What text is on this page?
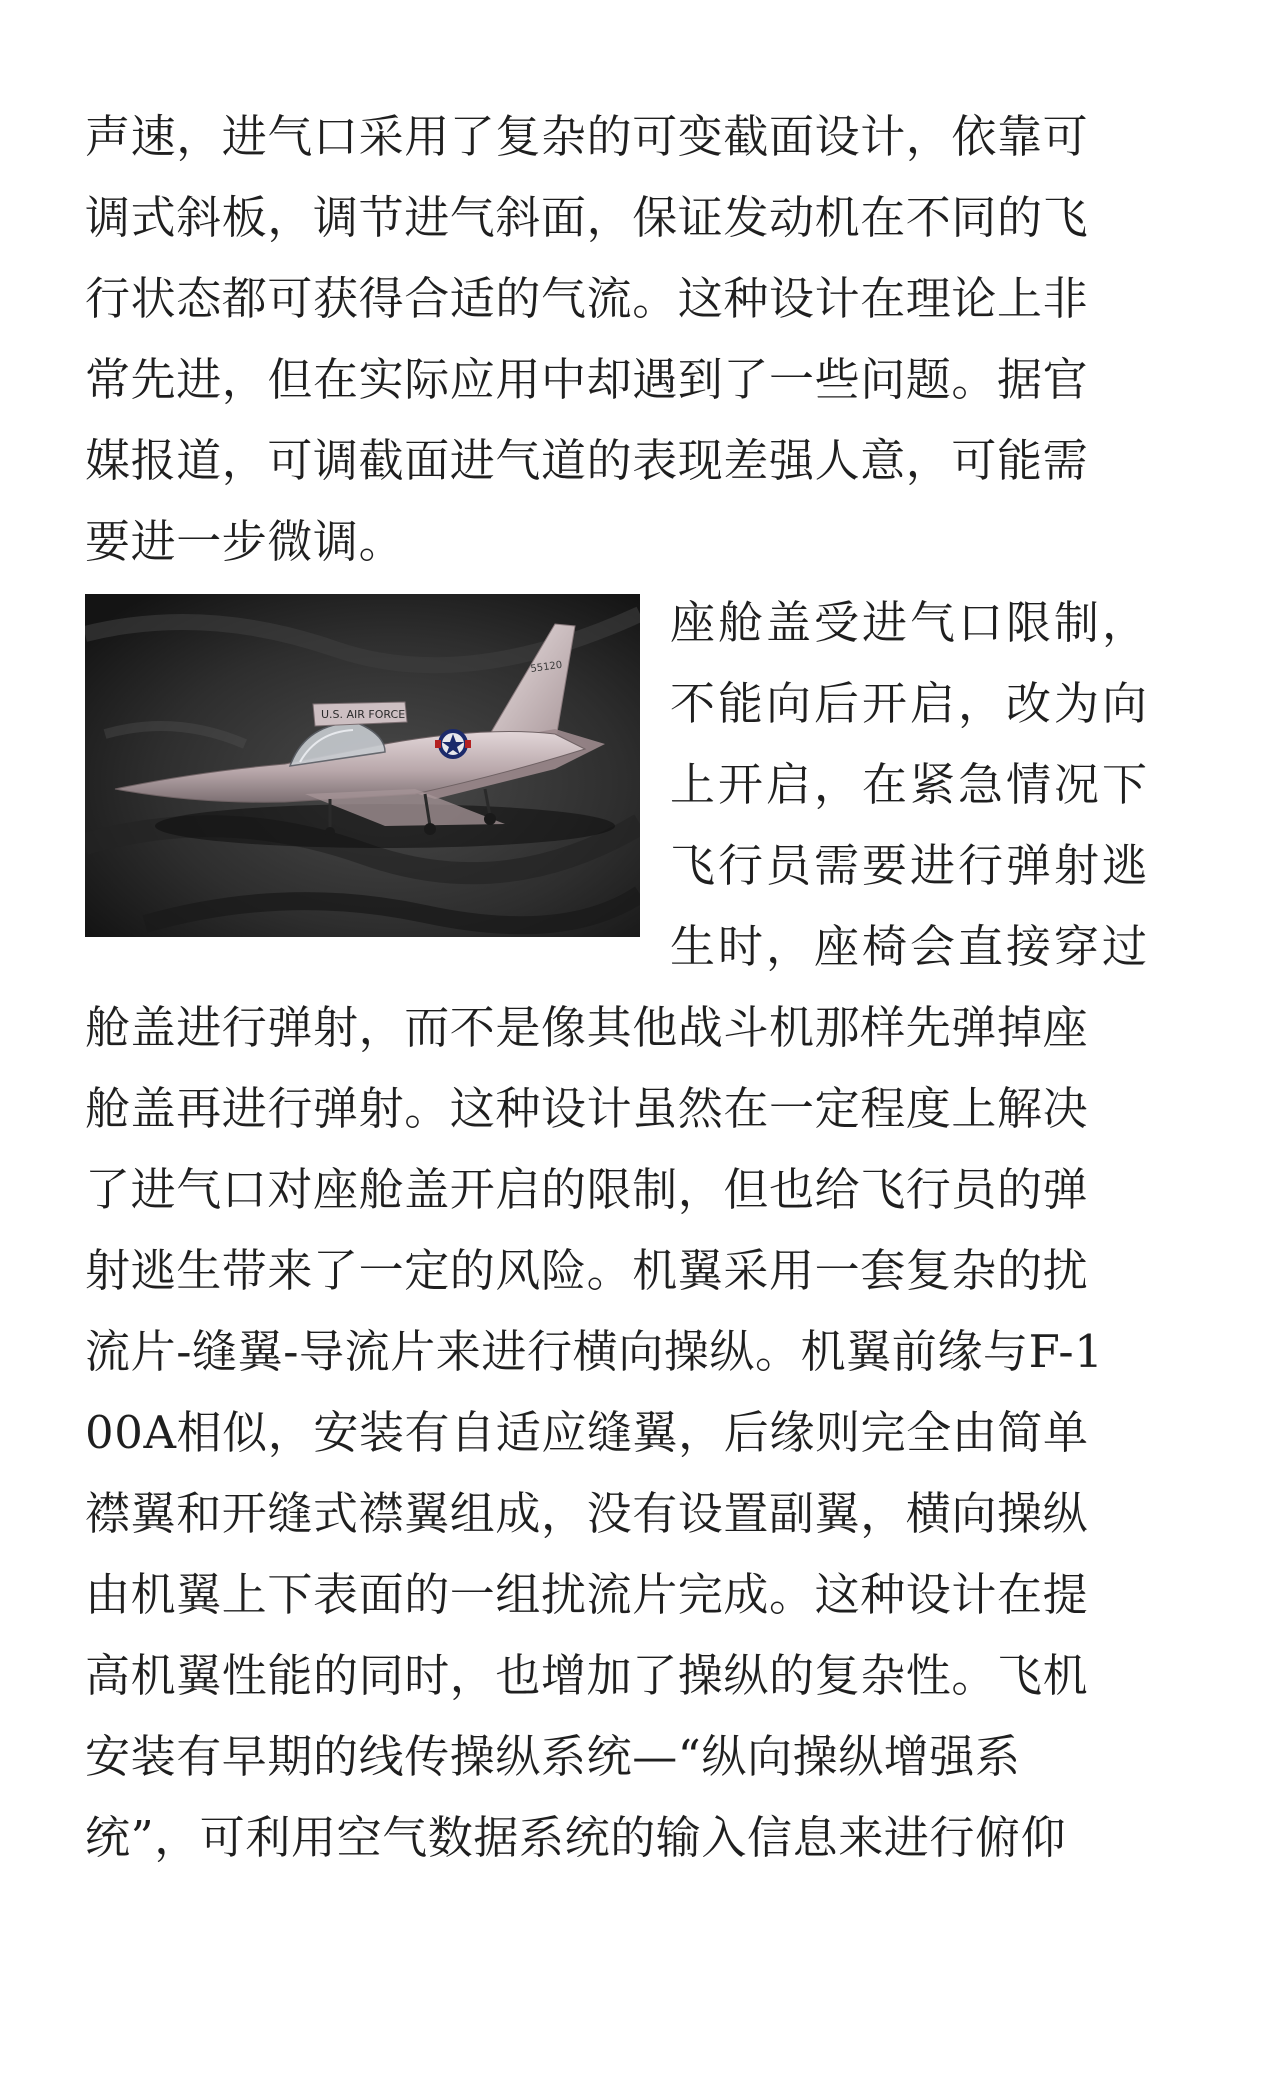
声速，进气口采用了复杂的可变截面设计，依靠可
调式斜板，调节进气斜面，保证发动机在不同的飞
行状态都可获得合适的气流。这种设计在理论上非
常先进，但在实际应用中却遇到了一些问题。据官
媒报道，可调截面进气道的表现差强人意，可能需
要进一步微调。
U.S. AIR FORCE
55120
座舱盖受进气口限制，
不能向后开启，改为向
上开启，在紧急情况下
飞行员需要进行弹射逃
生时，座椅会直接穿过
舱盖进行弹射，而不是像其他战斗机那样先弹掉座
舱盖再进行弹射。这种设计虽然在一定程度上解决
了进气口对座舱盖开启的限制，但也给飞行员的弹
射逃生带来了一定的风险。机翼采用一套复杂的扰
流片-缝翼-导流片来进行横向操纵。机翼前缘与F-1
00A相似，安装有自适应缝翼，后缘则完全由简单
襟翼和开缝式襟翼组成，没有设置副翼，横向操纵
由机翼上下表面的一组扰流片完成。这种设计在提
高机翼性能的同时，也增加了操纵的复杂性。飞机
安装有早期的线传操纵系统—“纵向操纵增强系
统”，可利用空气数据系统的输入信息来进行俯仰
